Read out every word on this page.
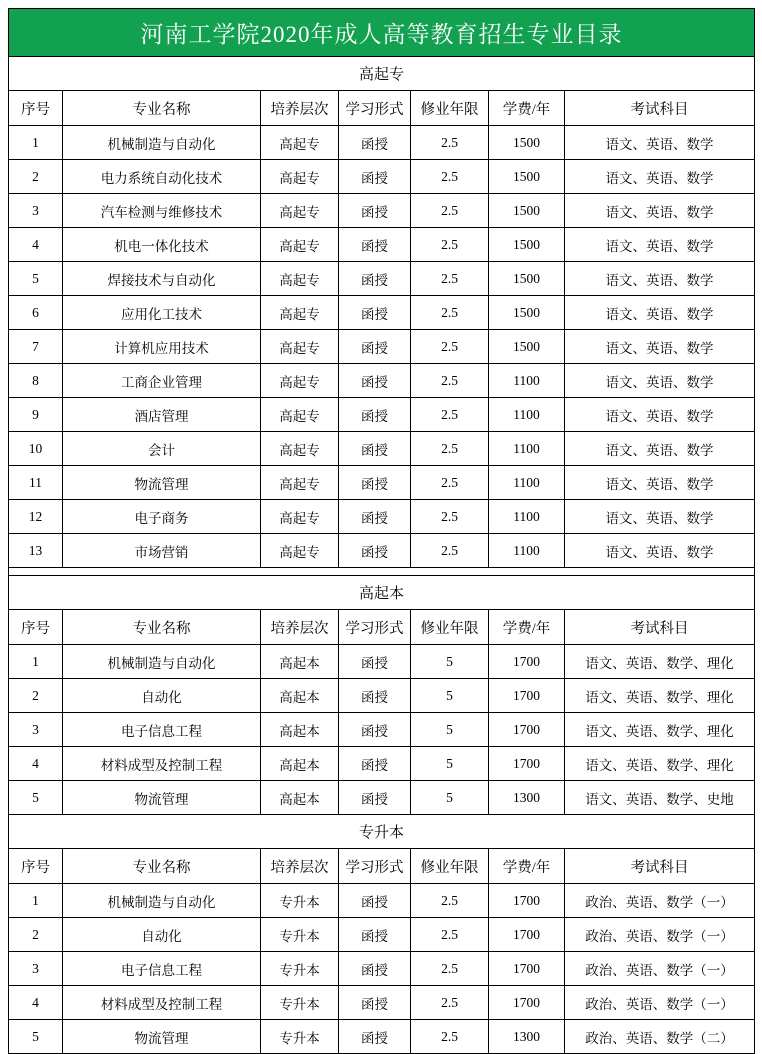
河南工学院2020年成人高等教育招生专业目录						
高起专						
序号	专业名称	培养层次	学习形式	修业年限	学费/年	考试科目
1	机械制造与自动化	高起专	函授	2.5	1500	语文、英语、数学
2	电力系统自动化技术	高起专	函授	2.5	1500	语文、英语、数学
3	汽车检测与维修技术	高起专	函授	2.5	1500	语文、英语、数学
4	机电一体化技术	高起专	函授	2.5	1500	语文、英语、数学
5	焊接技术与自动化	高起专	函授	2.5	1500	语文、英语、数学
6	应用化工技术	高起专	函授	2.5	1500	语文、英语、数学
7	计算机应用技术	高起专	函授	2.5	1500	语文、英语、数学
8	工商企业管理	高起专	函授	2.5	1100	语文、英语、数学
9	酒店管理	高起专	函授	2.5	1100	语文、英语、数学
10	会计	高起专	函授	2.5	1100	语文、英语、数学
11	物流管理	高起专	函授	2.5	1100	语文、英语、数学
12	电子商务	高起专	函授	2.5	1100	语文、英语、数学
13	市场营销	高起专	函授	2.5	1100	语文、英语、数学

高起本						
序号	专业名称	培养层次	学习形式	修业年限	学费/年	考试科目
1	机械制造与自动化	高起本	函授	5	1700	语文、英语、数学、理化
2	自动化	高起本	函授	5	1700	语文、英语、数学、理化
3	电子信息工程	高起本	函授	5	1700	语文、英语、数学、理化
4	材料成型及控制工程	高起本	函授	5	1700	语文、英语、数学、理化
5	物流管理	高起本	函授	5	1300	语文、英语、数学、史地
专升本						
序号	专业名称	培养层次	学习形式	修业年限	学费/年	考试科目
1	机械制造与自动化	专升本	函授	2.5	1700	政治、英语、数学（一）
2	自动化	专升本	函授	2.5	1700	政治、英语、数学（一）
3	电子信息工程	专升本	函授	2.5	1700	政治、英语、数学（一）
4	材料成型及控制工程	专升本	函授	2.5	1700	政治、英语、数学（一）
5	物流管理	专升本	函授	2.5	1300	政治、英语、数学（二）
